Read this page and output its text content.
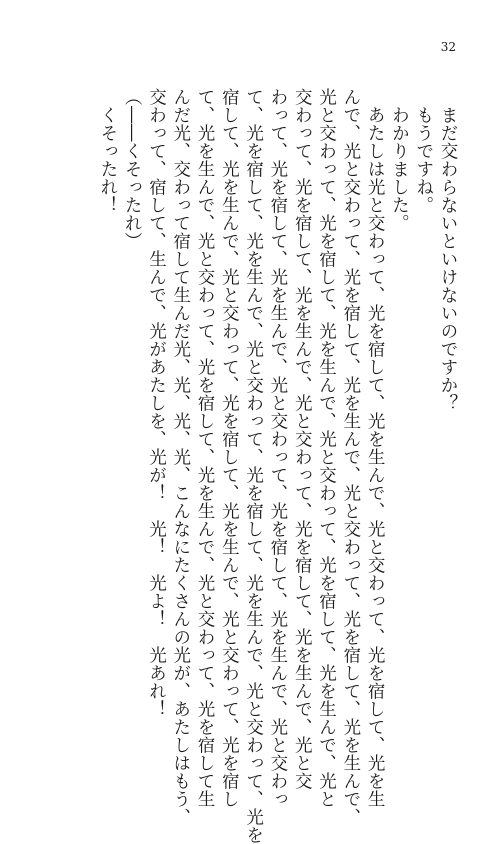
32
　まだ交わらないといけないのですか？
　もうですね。
　わかりました。
　あたしは光と交わって、光を宿して、光を生んで、光と交わって、光を宿して、光を生
んで、光と交わって、光を宿して、光を生んで、光と交わって、光を宿して、光を生んで、
光と交わって、光を宿して、光を生んで、光と交わって、光を宿して、光を生んで、光と
交わって、光を宿して、光を生んで、光と交わって、光を宿して、光を生んで、光と交
わって、光を宿して、光を生んで、光と交わって、光を宿して、光を生んで、光と交わっ
て、光を宿して、光を生んで、光と交わって、光を宿して、光を生んで、光と交わって、光を
宿して、光を生んで、光と交わって、光を宿して、光を生んで、光と交わって、光を宿し
て、光を生んで、光と交わって、光を宿して、光を生んで、光と交わって、光を宿して生
んだ光、交わって宿して生んだ光、光、光、光、こんなにたくさんの光が、あたしはもう、
交わって、宿して、生んで、光があたしを、光が！　光！　光よ！　光あれ！
（――くそったれ）
　くそったれ！
